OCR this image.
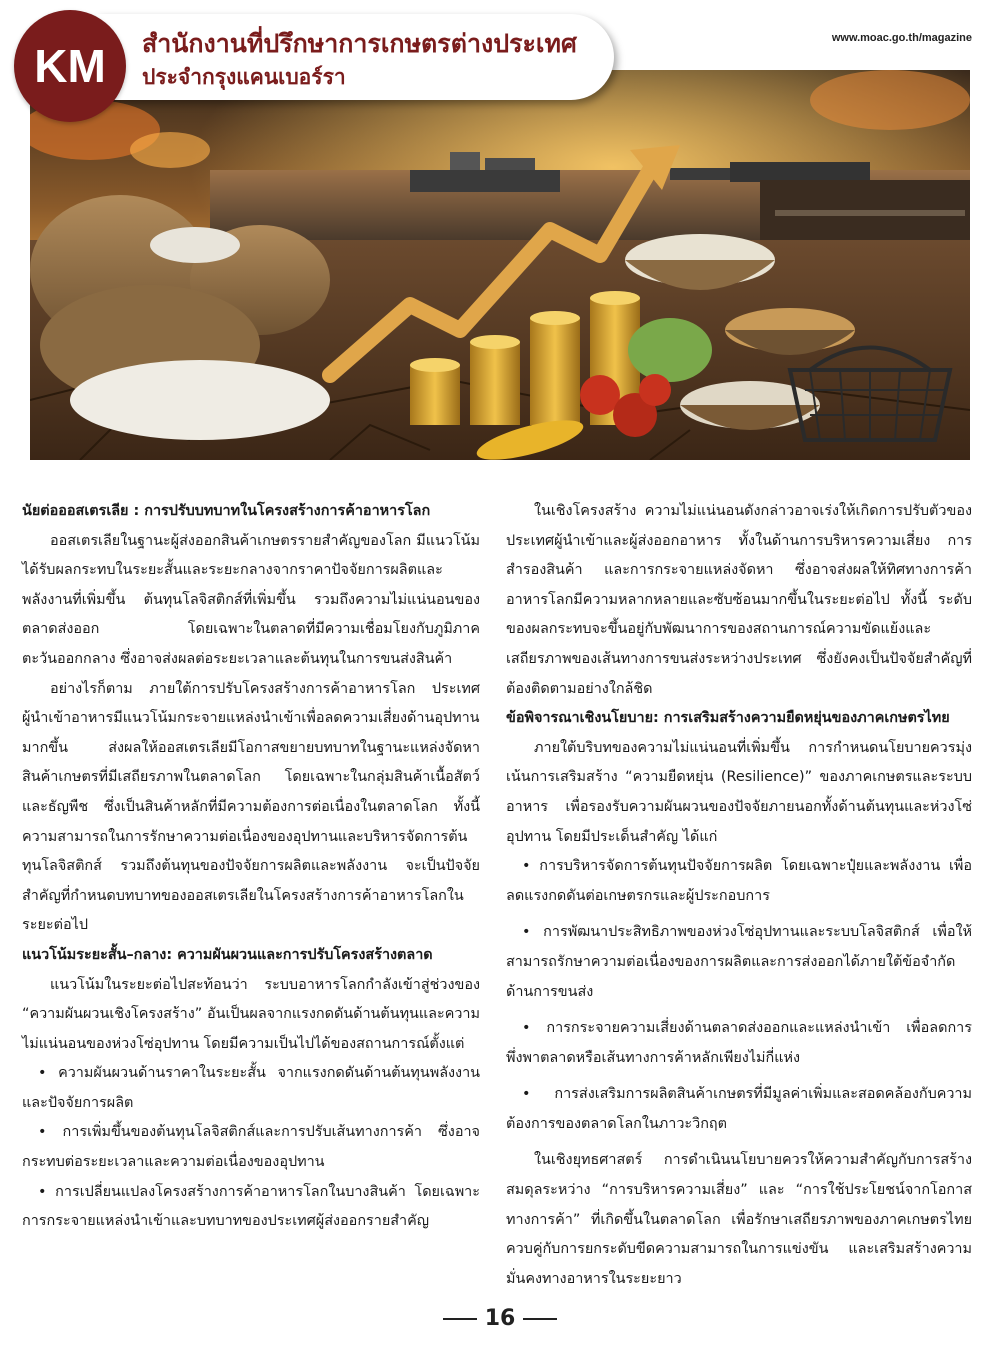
KM	สำนักงานที่ปรึกษาการเกษตรต่างประเทศ
ประจำกรุงแคนเบอร์รา
www.moac.go.th/magazine

นัยต่อออสเตรเลีย : การปรับบทบาทในโครงสร้างการค้าอาหารโลก

ออสเตรเลียในฐานะผู้ส่งออกสินค้าเกษตรรายสำคัญของโลก มีแนวโน้มได้รับผลกระทบในระยะสั้นและระยะกลางจากราคาปัจจัยการผลิตและพลังงานที่เพิ่มขึ้น ต้นทุนโลจิสติกส์ที่เพิ่มขึ้น รวมถึงความไม่แน่นอนของตลาดส่งออก โดยเฉพาะในตลาดที่มีความเชื่อมโยงกับภูมิภาคตะวันออกกลาง ซึ่งอาจส่งผลต่อระยะเวลาและต้นทุนในการขนส่งสินค้า

อย่างไรก็ตาม ภายใต้การปรับโครงสร้างการค้าอาหารโลก ประเทศผู้นำเข้าอาหารมีแนวโน้มกระจายแหล่งนำเข้าเพื่อลดความเสี่ยงด้านอุปทานมากขึ้น ส่งผลให้ออสเตรเลียมีโอกาสขยายบทบาทในฐานะแหล่งจัดหาสินค้าเกษตรที่มีเสถียรภาพในตลาดโลก โดยเฉพาะในกลุ่มสินค้าเนื้อสัตว์และธัญพืช ซึ่งเป็นสินค้าหลักที่มีความต้องการต่อเนื่องในตลาดโลก ทั้งนี้ ความสามารถในการรักษาความต่อเนื่องของอุปทานและบริหารจัดการต้นทุนโลจิสติกส์ รวมถึงต้นทุนของปัจจัยการผลิตและพลังงาน จะเป็นปัจจัยสำคัญที่กำหนดบทบาทของออสเตรเลียในโครงสร้างการค้าอาหารโลกในระยะต่อไป

แนวโน้มระยะสั้น–กลาง: ความผันผวนและการปรับโครงสร้างตลาด

แนวโน้มในระยะต่อไปสะท้อนว่า ระบบอาหารโลกกำลังเข้าสู่ช่วงของ “ความผันผวนเชิงโครงสร้าง” อันเป็นผลจากแรงกดดันด้านต้นทุนและความไม่แน่นอนของห่วงโซ่อุปทาน โดยมีความเป็นไปได้ของสถานการณ์ตั้งแต่

• ความผันผวนด้านราคาในระยะสั้น จากแรงกดดันด้านต้นทุนพลังงานและปัจจัยการผลิต

• การเพิ่มขึ้นของต้นทุนโลจิสติกส์และการปรับเส้นทางการค้า ซึ่งอาจกระทบต่อระยะเวลาและความต่อเนื่องของอุปทาน

• การเปลี่ยนแปลงโครงสร้างการค้าอาหารโลกในบางสินค้า โดยเฉพาะการกระจายแหล่งนำเข้าและบทบาทของประเทศผู้ส่งออกรายสำคัญ

ในเชิงโครงสร้าง ความไม่แน่นอนดังกล่าวอาจเร่งให้เกิดการปรับตัวของประเทศผู้นำเข้าและผู้ส่งออกอาหาร ทั้งในด้านการบริหารความเสี่ยง การสำรองสินค้า และการกระจายแหล่งจัดหา ซึ่งอาจส่งผลให้ทิศทางการค้าอาหารโลกมีความหลากหลายและซับซ้อนมากขึ้นในระยะต่อไป ทั้งนี้ ระดับของผลกระทบจะขึ้นอยู่กับพัฒนาการของสถานการณ์ความขัดแย้งและเสถียรภาพของเส้นทางการขนส่งระหว่างประเทศ ซึ่งยังคงเป็นปัจจัยสำคัญที่ต้องติดตามอย่างใกล้ชิด

ข้อพิจารณาเชิงนโยบาย: การเสริมสร้างความยืดหยุ่นของภาคเกษตรไทย

ภายใต้บริบทของความไม่แน่นอนที่เพิ่มขึ้น การกำหนดนโยบายควรมุ่งเน้นการเสริมสร้าง “ความยืดหยุ่น (Resilience)” ของภาคเกษตรและระบบอาหาร เพื่อรองรับความผันผวนของปัจจัยภายนอกทั้งด้านต้นทุนและห่วงโซ่อุปทาน โดยมีประเด็นสำคัญ ได้แก่

• การบริหารจัดการต้นทุนปัจจัยการผลิต โดยเฉพาะปุ๋ยและพลังงาน เพื่อลดแรงกดดันต่อเกษตรกรและผู้ประกอบการ

• การพัฒนาประสิทธิภาพของห่วงโซ่อุปทานและระบบโลจิสติกส์ เพื่อให้สามารถรักษาความต่อเนื่องของการผลิตและการส่งออกได้ภายใต้ข้อจำกัดด้านการขนส่ง

• การกระจายความเสี่ยงด้านตลาดส่งออกและแหล่งนำเข้า เพื่อลดการพึ่งพาตลาดหรือเส้นทางการค้าหลักเพียงไม่กี่แห่ง

• การส่งเสริมการผลิตสินค้าเกษตรที่มีมูลค่าเพิ่มและสอดคล้องกับความต้องการของตลาดโลกในภาวะวิกฤต

ในเชิงยุทธศาสตร์ การดำเนินนโยบายควรให้ความสำคัญกับการสร้างสมดุลระหว่าง “การบริหารความเสี่ยง” และ “การใช้ประโยชน์จากโอกาสทางการค้า” ที่เกิดขึ้นในตลาดโลก เพื่อรักษาเสถียรภาพของภาคเกษตรไทย ควบคู่กับการยกระดับขีดความสามารถในการแข่งขัน และเสริมสร้างความมั่นคงทางอาหารในระยะยาว

16
